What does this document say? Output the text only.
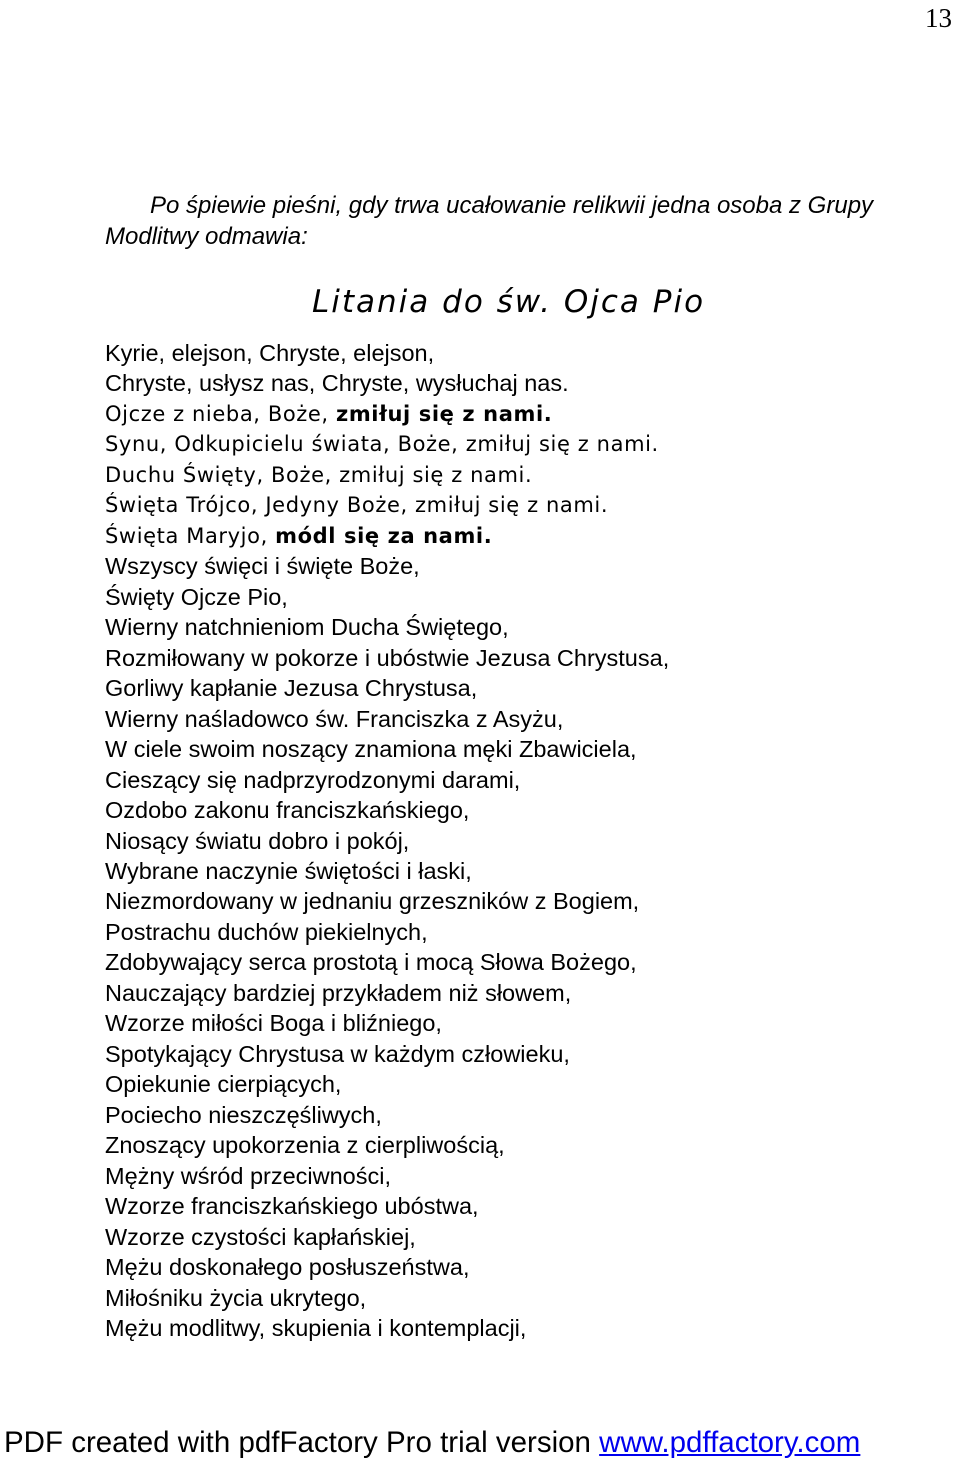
13
Po śpiewie pieśni, gdy trwa ucałowanie relikwii jedna osoba z Grupy
Modlitwy odmawia:
Litania do św. Ojca Pio
Kyrie, elejson, Chryste, elejson,
Chryste, usłysz nas, Chryste, wysłuchaj nas.
Ojcze z nieba, Boże, zmiłuj się z nami.
Synu, Odkupicielu świata, Boże, zmiłuj się z nami.
Duchu Święty, Boże, zmiłuj się z nami.
Święta Trójco, Jedyny Boże, zmiłuj się z nami.
Święta Maryjo, módl się za nami.
Wszyscy święci i święte Boże,
Święty Ojcze Pio,
Wierny natchnieniom Ducha Świętego,
Rozmiłowany w pokorze i ubóstwie Jezusa Chrystusa,
Gorliwy kapłanie Jezusa Chrystusa,
Wierny naśladowco św. Franciszka z Asyżu,
W ciele swoim noszący znamiona męki Zbawiciela,
Cieszący się nadprzyrodzonymi darami,
Ozdobo zakonu franciszkańskiego,
Niosący światu dobro i pokój,
Wybrane naczynie świętości i łaski,
Niezmordowany w jednaniu grzeszników z Bogiem,
Postrachu duchów piekielnych,
Zdobywający serca prostotą i mocą Słowa Bożego,
Nauczający bardziej przykładem niż słowem,
Wzorze miłości Boga i bliźniego,
Spotykający Chrystusa w każdym człowieku,
Opiekunie cierpiących,
Pociecho nieszczęśliwych,
Znoszący upokorzenia z cierpliwością,
Mężny wśród przeciwności,
Wzorze franciszkańskiego ubóstwa,
Wzorze czystości kapłańskiej,
Mężu doskonałego posłuszeństwa,
Miłośniku życia ukrytego,
Mężu modlitwy, skupienia i kontemplacji,
PDF created with pdfFactory Pro trial version www.pdffactory.com
